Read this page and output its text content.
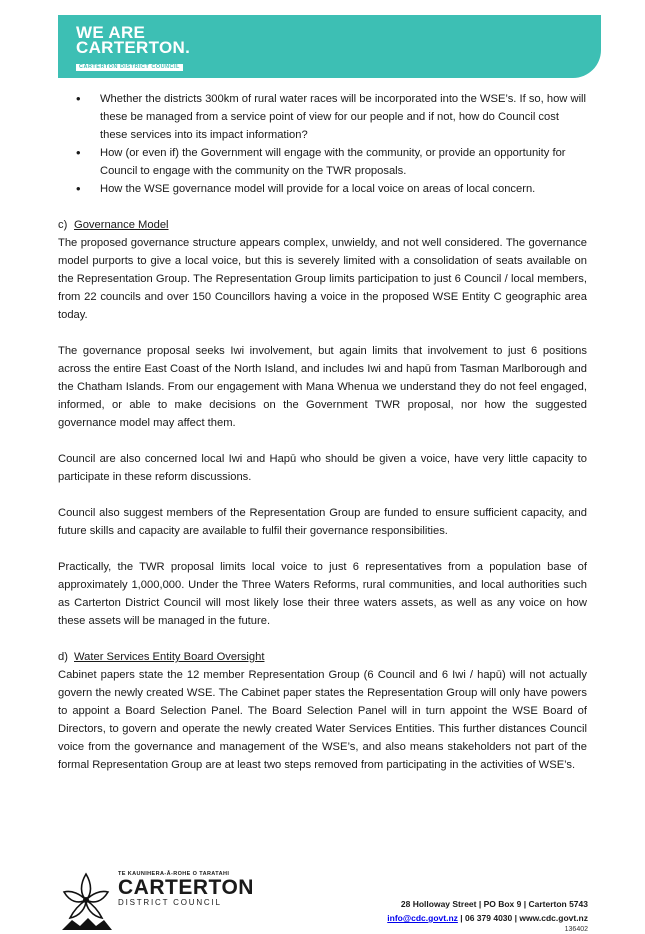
WE ARE
CARTERTON.
CARTERTON DISTRICT COUNCIL
• Whether the districts 300km of rural water races will be incorporated into the WSE’s. If so, how will these be managed from a service point of view for our people and if not, how do Council cost these services into its impact information?
• How (or even if) the Government will engage with the community, or provide an opportunity for Council to engage with the community on the TWR proposals.
• How the WSE governance model will provide for a local voice on areas of local concern.
c) Governance Model

The proposed governance structure appears complex, unwieldy, and not well considered. The governance model purports to give a local voice, but this is severely limited with a consolidation of seats available on the Representation Group. The Representation Group limits participation to just 6 Council / local members, from 22 councils and over 150 Councillors having a voice in the proposed WSE Entity C geographic area today.

The governance proposal seeks Iwi involvement, but again limits that involvement to just 6 positions across the entire East Coast of the North Island, and includes Iwi and hapū from Tasman Marlborough and the Chatham Islands. From our engagement with Mana Whenua we understand they do not feel engaged, informed, or able to make decisions on the Government TWR proposal, nor how the suggested governance model may affect them.

Council are also concerned local Iwi and Hapū who should be given a voice, have very little capacity to participate in these reform discussions.

Council also suggest members of the Representation Group are funded to ensure sufficient capacity, and future skills and capacity are available to fulfil their governance responsibilities.

Practically, the TWR proposal limits local voice to just 6 representatives from a population base of approximately 1,000,000. Under the Three Waters Reforms, rural communities, and local authorities such as Carterton District Council will most likely lose their three waters assets, as well as any voice on how these assets will be managed in the future.

d) Water Services Entity Board Oversight

Cabinet papers state the 12 member Representation Group (6 Council and 6 Iwi / hapū) will not actually govern the newly created WSE. The Cabinet paper states the Representation Group will only have powers to appoint a Board Selection Panel. The Board Selection Panel will in turn appoint the WSE Board of Directors, to govern and operate the newly created Water Services Entities. This further distances Council voice from the governance and management of the WSE’s, and also means stakeholders not part of the formal Representation Group are at least two steps removed from participating in the activities of WSE’s.

TE KAUNIHERA-Ā-ROHE O TARATAHI
CARTERTON
DISTRICT COUNCIL	28 Holloway Street | PO Box 9 | Carterton 5743
info@cdc.govt.nz | 06 379 4030 | www.cdc.govt.nz
136402
